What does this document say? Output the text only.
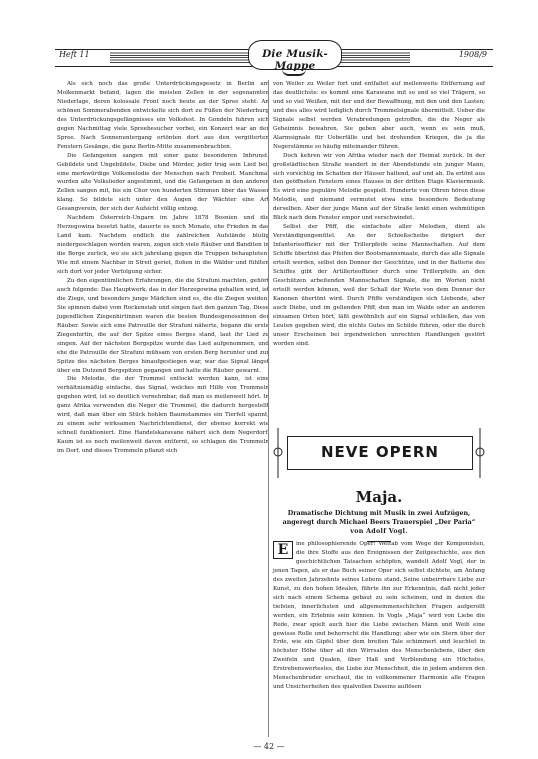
Heft 11	1908/9
Die Musik-Mappe

Als sich noch das große Unterdrückungsgesetz in Berlin am Molkenmarkt befand, lagen die meisten Zellen in der sogenannten Niederlage, deren kolossale Front noch heute an der Spree steht. An schönen Sommerabenden entwickelte sich dort zu Füßen der Niederburg des Unterdrückungsgefängnisses ein Volksfest. In Gondeln fuhren sich gegen Nachmittag viele Spreebesucher vorbei, ein Konzert war an der Spree. Nach Sonnenuntergang ertönten dort aus den vergitterten Fenstern Gesänge, die ganz Berlin-Mitte zusammenbrachten.

Die Gefangenen sangen mit einer ganz besonderen Inbrunst. Gebildete und Ungebildete, Diebe und Mörder, jeder trug sein Lied bei, eine merkwürdige Volksmelodie der Menschen nach Freiheit. Manchmal wurden alte Volkslieder angestimmt, und die Gefangenen in den anderen Zellen sangen mit, bis ein Chor von hunderten Stimmen über das Wasser klang. So bildete sich unter den Augen der Wächter eine Art Gesangverein, der sich der Aufsicht völlig entzog.

Nachdem Österreich-Ungarn im Jahre 1878 Bosnien und die Herzegowina besetzt hatte, dauerte es noch Monate, ehe Frieden in das Land kam. Nachdem endlich die zahlreichen Aufstände blutig niedergeschlagen worden waren, zogen sich viele Räuber und Banditen in die Berge zurück, wo sie sich jahrelang gegen die Truppen behaupteten. Wie mit einem Nachbar in Streit geriet, flohen in die Wälder und fühlten sich dort vor jeder Verfolgung sicher.

Zu den eigentümlichen Erfahrungen, die die Strafuni machten, gehört auch folgende: Das Hauptwerk, das in der Herzegowina gehalten wird, ist die Ziege, und besonders junge Mädchen sind es, die die Ziegen weiden. Sie spinnen dabei vom Rockenstab und singen fast den ganzen Tag. Diese jugendlichen Ziegenhirtinnen waren die besten Bundesgenossinnen der Räuber. Sowie sich eine Patrouille der Strafuni näherte, begann die erste Ziegenhirtin, die auf der Spitze eines Berges stand, laut ihr Lied zu singen. Auf der nächsten Bergspitze wurde das Lied aufgenommen, und ehe die Patrouille der Strafuni mühsam von ersten Berg herunter und zur Spitze des nächsten Berges hinaufgestiegen war, war das Signal längst über ein Dutzend Bergspitzen gegangen und hatte die Räuber gewarnt.

Die Melodie, die der Trommel entlockt werden kann, ist eine verhältnismäßig einfache, das Signal, welches mit Hilfe von Trommeln gegeben wird, ist so deutlich vernehmbar, daß man es meilenweit hört. In ganz Afrika verwenden die Neger die Trommel, die dadurch hergestellt wird, daß man über ein Stück hohlen Baumstammes ein Tierfell spannt, zu einem sehr wirksamen Nachrichtendienst, der ebenso korrekt wie schnell funktioniert. Eine Handelskaravane nähert sich dem Negerdorf. Kaum ist es noch meilenweit davon entfernt, so schlagen die Trommeln im Dorf, und dieses Trommeln pflanzt sich

von Weiler zu Weiler fort und entfaltet auf meilenweite Entfernung auf das deutlichste: es kommt eine Karawane mit so und so viel Trägern, so und so viel Weißen, mit der und der Bewaffnung, mit den und den Lasten; und dies alles wird lediglich durch Trommelsignale übermittelt. Ueber die Signale selbst werden Verabredungen getroffen, die die Neger als Geheimnis bewahren. Sie geben aber auch, wenn es sein muß, Alarmsignale für Ueberfälle und bei drohenden Kriegen, die ja die Negerstämme so häufig miteinander führen.

Doch kehren wir von Afrika wieder nach der Heimat zurück. In der großstädtischen Straße wandert in der Abendstunde ein junger Mann, sich vorsichtig im Schatten der Häuser haltend, auf und ab. Da ertönt aus den geöffneten Fenstern eines Hauses in der dritten Etage Klaviermusik. Es wird eine populäre Melodie gespielt. Hunderte von Ohren hören diese Melodie, und niemand vermutet etwa eine besondere Bedeutung derselben. Aber der junge Mann auf der Straße lenkt einen wehmütigen Blick nach dem Fenster empor und verschwindet.

Selbst der Pfiff, die einfachste aller Melodien, dient als Verständigungsmittel. An der Schießscheibe dirigiert der Infanterieoffizier mit der Trillerpfeife seine Mannschaften. Auf dem Schiffe übertönt das Pfeifen der Bootsmannsmaate, durch das alle Signale erteilt werden, selbst den Donner der Geschütze, und in der Batterie des Schiffes gibt der Artillerieoffizier durch eine Trillerpfeife an den Geschützen arbeitenden Mannschaften Signale, die im Worten nicht erteilt werden können, weil der Schall der Worte von dem Donner der Kanonen übertönt wird. Durch Pfiffe verständigen sich Liebende, aber auch Diebe, und im gellenden Pfiff, den man im Walde oder an anderen einsamen Orten hört, läßt gewöhnlich auf ein Signal schließen, das von Leuten gegeben wird, die nichts Gutes im Schilde führen, oder die durch unser Erscheinen bei irgendwelchen unrechten Handlungen gestört worden sind.

NEVE OPERN
Maja.
Dramatische Dichtung mit Musik in zwei Aufzügen, angeregt durch Michael Beers Trauerspiel „Der Paria“
von Adolf Vogl.

E	ine philosophierende Oper! Weitab vom Wege der Komponisten, die ihre Stoffe aus den Ereignissen der Zeitgeschichte, aus den geschichtlichen Tatsachen schöpfen, wandelt Adolf Vogl, der in jenen Tagen, als er das Buch seiner Oper sich selbst dichtete, am Anfang des zweiten Jahrzehnts seines Lebens stand. Seine unbeirrbare Liebe zur Kunst, zu den hohen Idealen, führte ihn zur Erkenntnis, daß nicht jeder sich nach einem Schema gebaut zu sein scheinen, und in denen die tiefsten, innerlichsten und allgemeinmenschlichen Fragen aufgerollt werden, ein Erlebnis sein können. In Vogls „Maja“ wird von Liebe die Rede, zwar spielt auch hier die Liebe zwischen Mann und Weib eine gewisse Rolle und beherrscht die Handlung; aber wie ein Stern über der Erde, wie ein Gipfel über dem breiten Tale schimmert und leuchtet in höchster Höhe über all den Wirrsalen des Menschenlebens, über den Zweifeln und Qualen, über Haß und Verblendung ein Höchstes, Erstrebenswertestes, die Liebe zur Menschheit, die in jedem anderen den Menschenbruder erschaut, die in vollkommener Harmonie alle Fragen und Unsicherheiten des qualvollen Daseins auflösen

— 42 —
